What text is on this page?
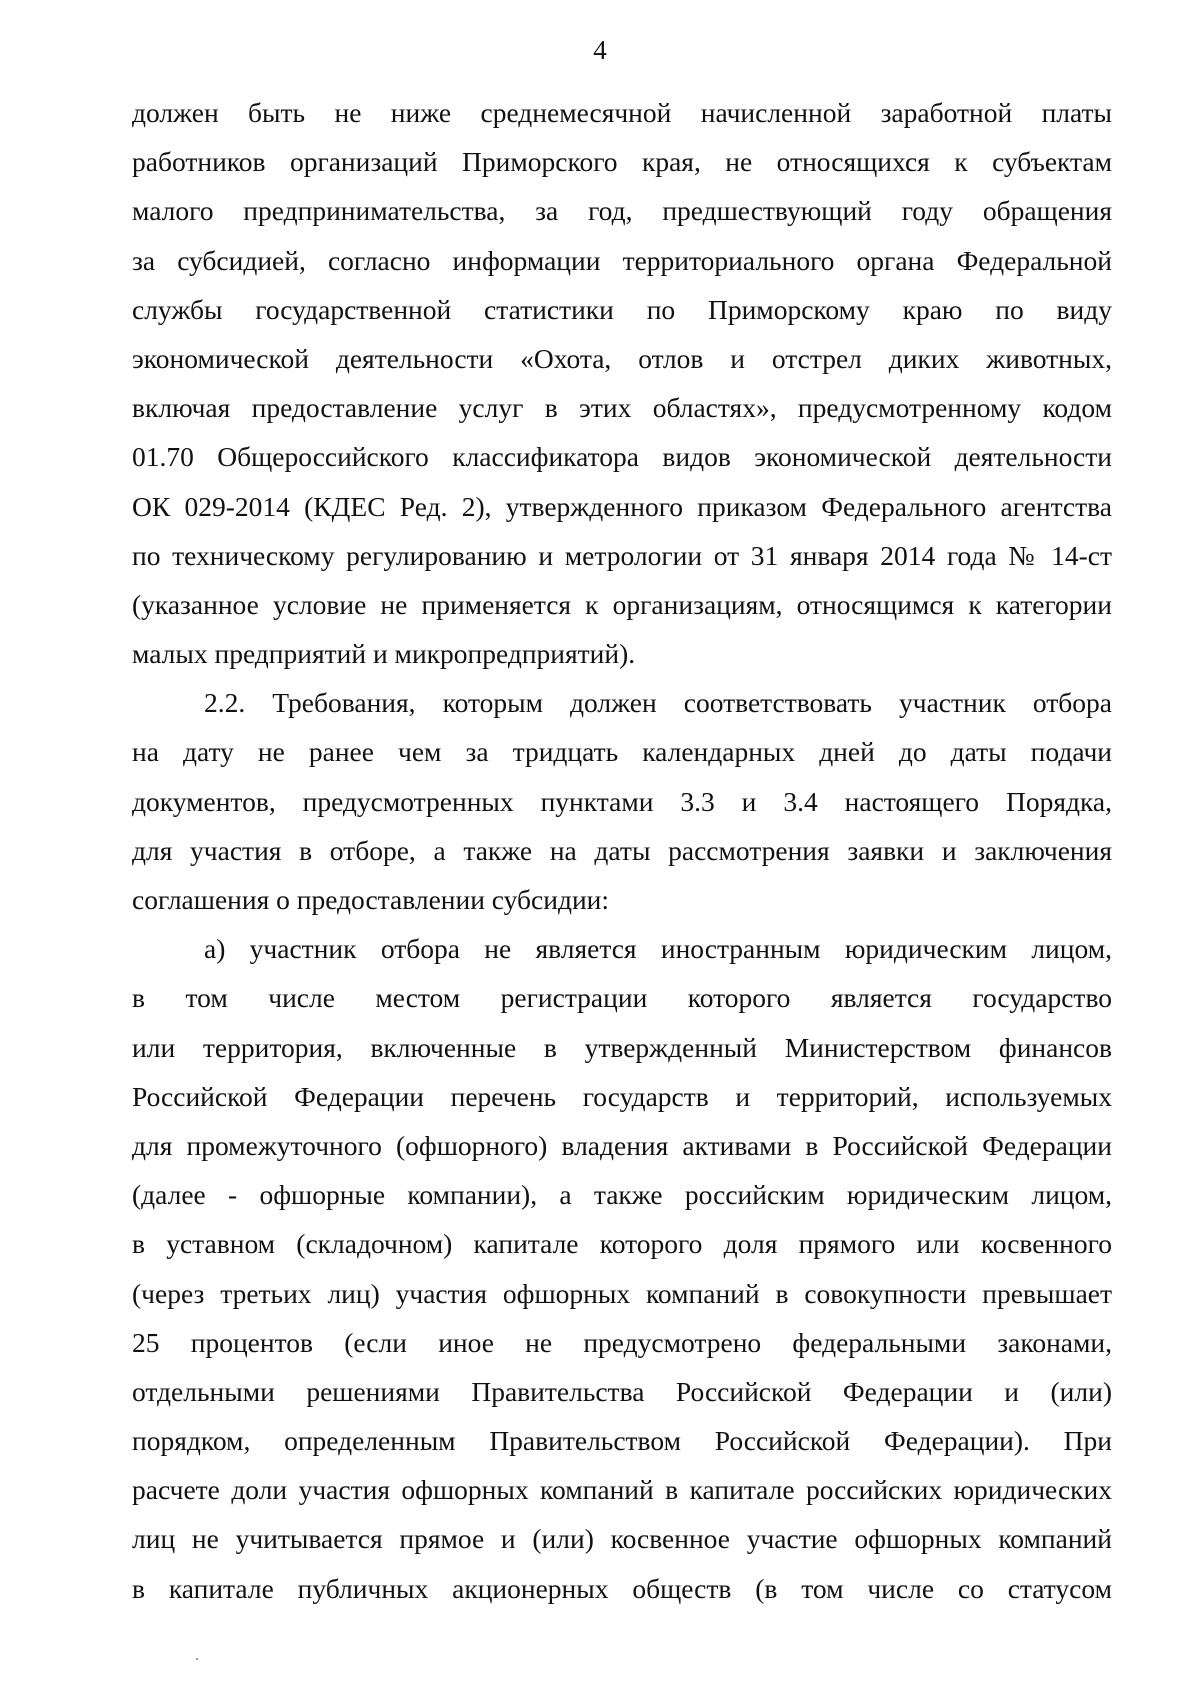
4
должен быть не ниже среднемесячной начисленной заработной платы
работников организаций Приморского края, не относящихся к субъектам
малого предпринимательства, за год, предшествующий году обращения
за субсидией, согласно информации территориального органа Федеральной
службы государственной статистики по Приморскому краю по виду
экономической деятельности «Охота, отлов и отстрел диких животных,
включая предоставление услуг в этих областях», предусмотренному кодом
01.70 Общероссийского классификатора видов экономической деятельности
ОК 029-2014 (КДЕС Ред. 2), утвержденного приказом Федерального агентства
по техническому регулированию и метрологии от 31 января 2014 года № 14-ст
(указанное условие не применяется к организациям, относящимся к категории
малых предприятий и микропредприятий).
2.2. Требования, которым должен соответствовать участник отбора
на дату не ранее чем за тридцать календарных дней до даты подачи
документов, предусмотренных пунктами 3.3 и 3.4 настоящего Порядка,
для участия в отборе, а также на даты рассмотрения заявки и заключения
соглашения о предоставлении субсидии:
а) участник отбора не является иностранным юридическим лицом,
в том числе местом регистрации которого является государство
или территория, включенные в утвержденный Министерством финансов
Российской Федерации перечень государств и территорий, используемых
для промежуточного (офшорного) владения активами в Российской Федерации
(далее - офшорные компании), а также российским юридическим лицом,
в уставном (складочном) капитале которого доля прямого или косвенного
(через третьих лиц) участия офшорных компаний в совокупности превышает
25 процентов (если иное не предусмотрено федеральными законами,
отдельными решениями Правительства Российской Федерации и (или)
порядком, определенным Правительством Российской Федерации). При
расчете доли участия офшорных компаний в капитале российских юридических
лиц не учитывается прямое и (или) косвенное участие офшорных компаний
в капитале публичных акционерных обществ (в том числе со статусом
